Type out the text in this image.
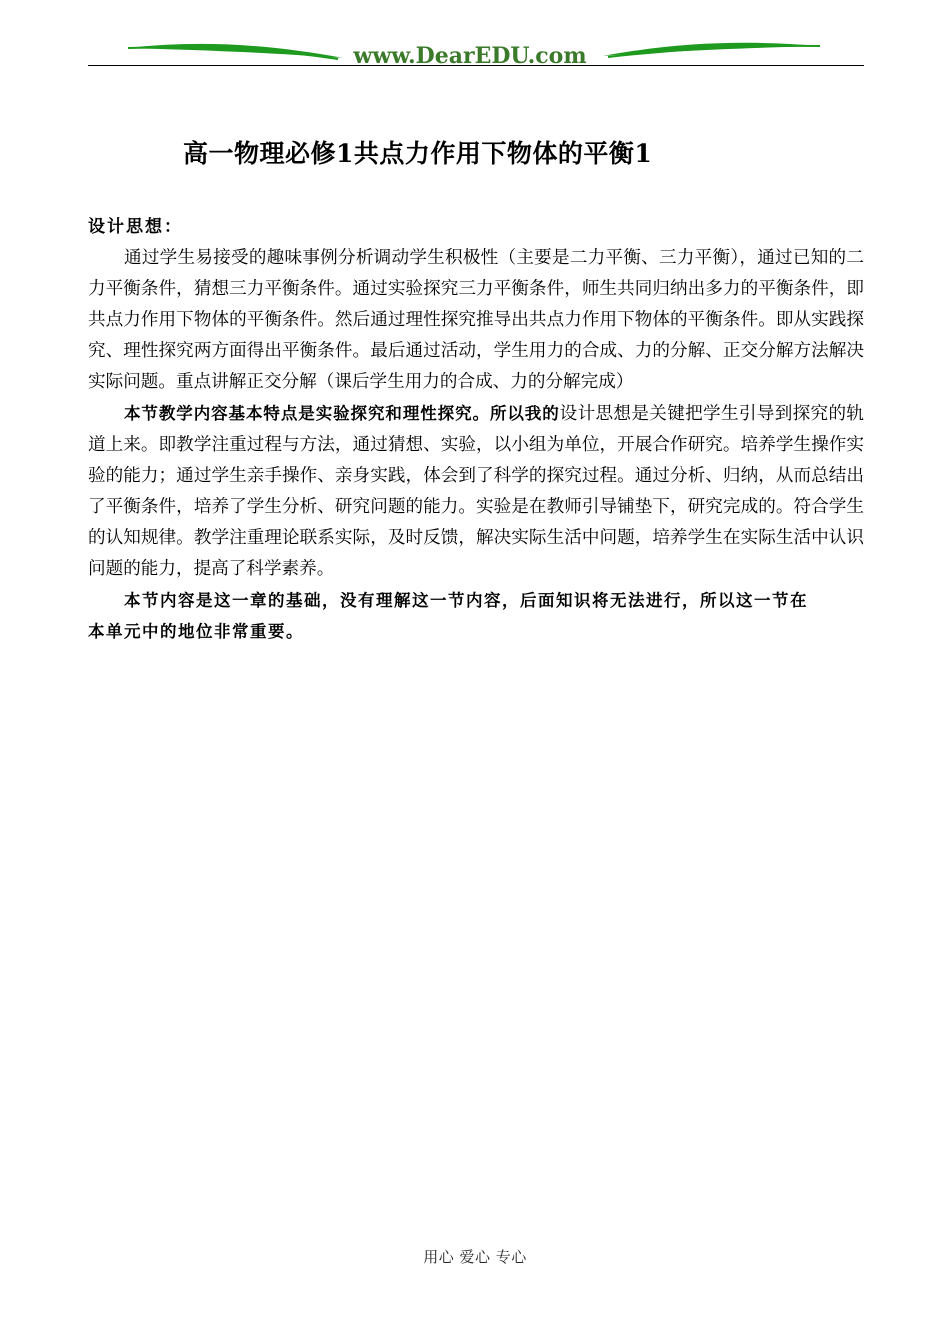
www.DearEDU.com
高一物理必修1共点力作用下物体的平衡1
设计思想：

通过学生易接受的趣味事例分析调动学生积极性（主要是二力平衡、三力平衡），通过已知的二力平衡条件，猜想三力平衡条件。通过实验探究三力平衡条件，师生共同归纳出多力的平衡条件，即共点力作用下物体的平衡条件。然后通过理性探究推导出共点力作用下物体的平衡条件。即从实践探究、理性探究两方面得出平衡条件。最后通过活动，学生用力的合成、力的分解、正交分解方法解决实际问题。重点讲解正交分解（课后学生用力的合成、力的分解完成）

本节教学内容基本特点是实验探究和理性探究。所以我的设计思想是关键把学生引导到探究的轨道上来。即教学注重过程与方法，通过猜想、实验，以小组为单位，开展合作研究。培养学生操作实验的能力；通过学生亲手操作、亲身实践，体会到了科学的探究过程。通过分析、归纳，从而总结出了平衡条件，培养了学生分析、研究问题的能力。实验是在教师引导铺垫下，研究完成的。符合学生的认知规律。教学注重理论联系实际，及时反馈，解决实际生活中问题，培养学生在实际生活中认识问题的能力，提高了科学素养。

本节内容是这一章的基础，没有理解这一节内容，后面知识将无法进行，所以这一节在本单元中的地位非常重要。

用心 爱心 专心
